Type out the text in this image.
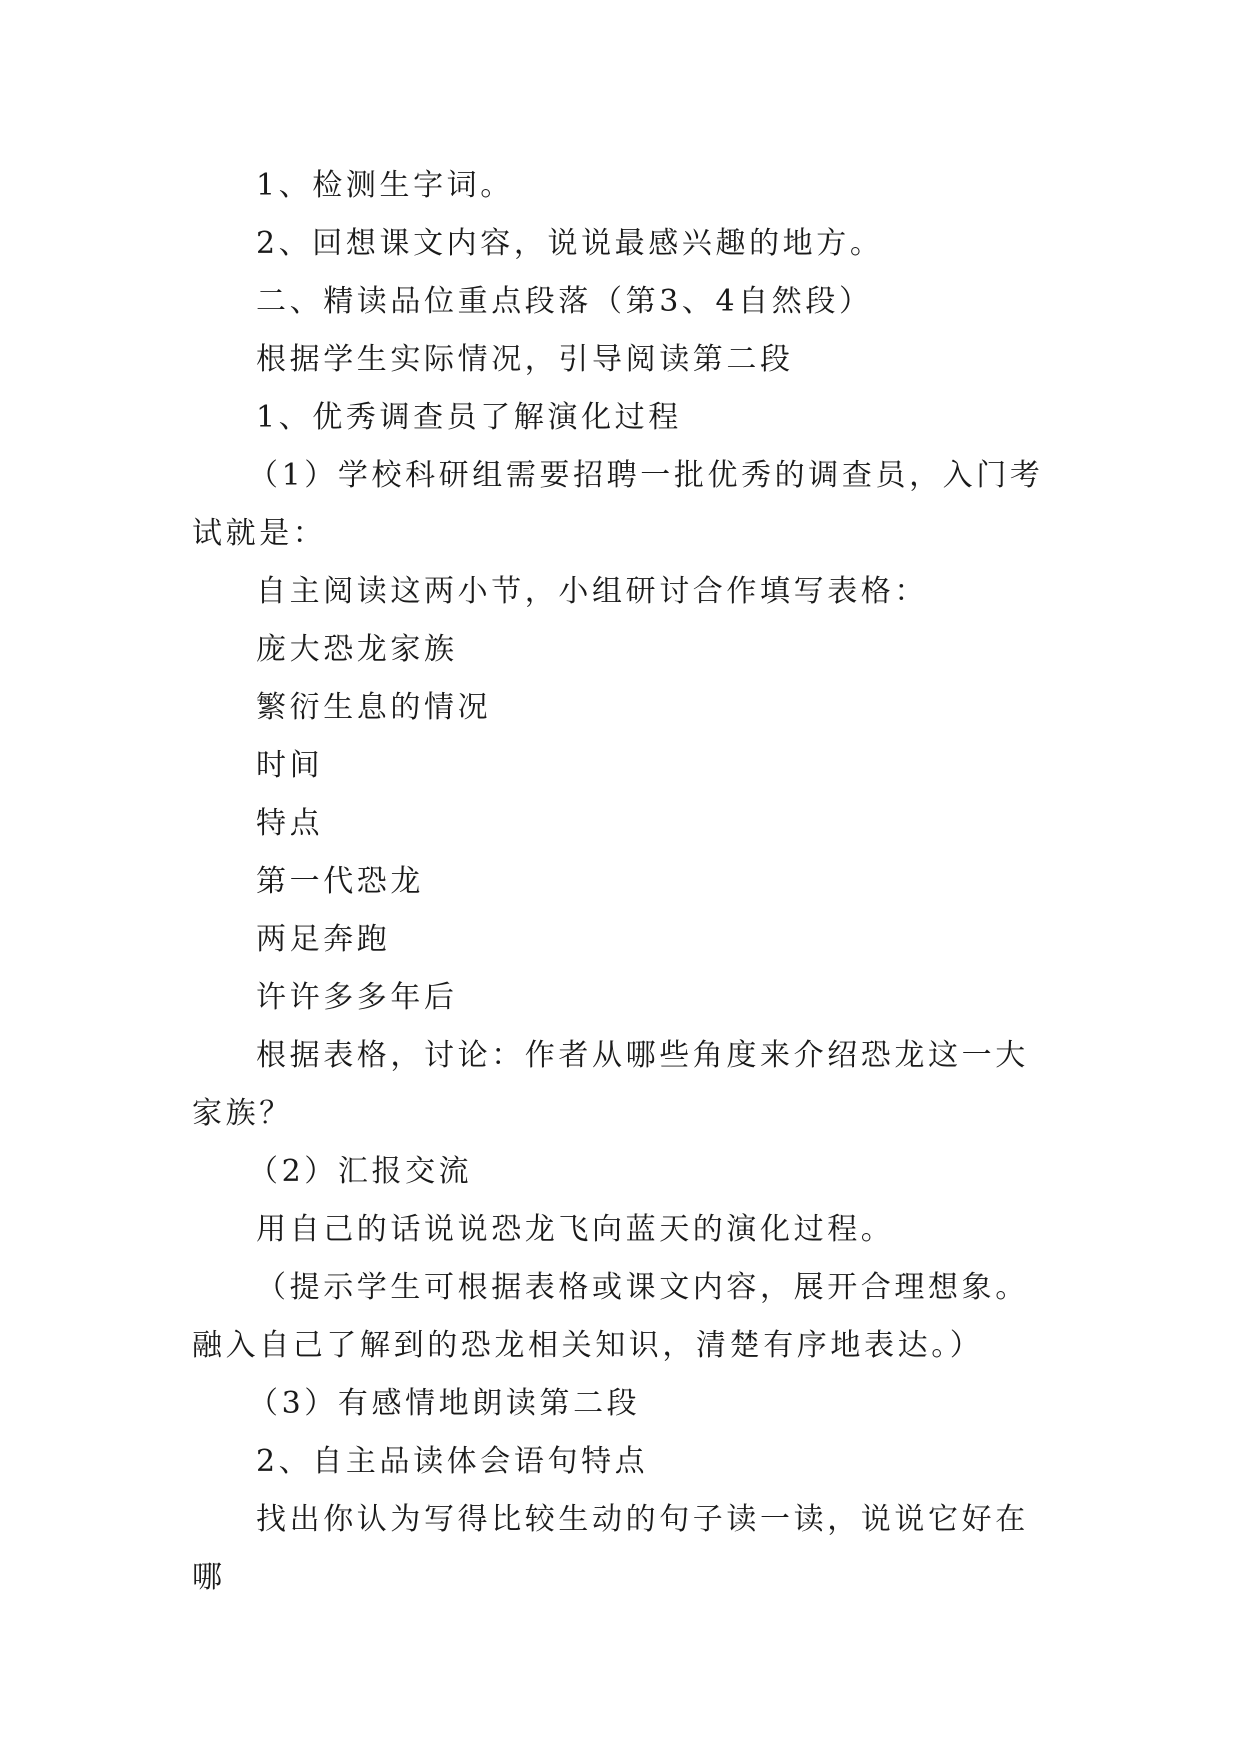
1、检测生字词。

2、回想课文内容，说说最感兴趣的地方。

二、精读品位重点段落（第3、4自然段）

根据学生实际情况，引导阅读第二段

1、优秀调查员了解演化过程

（1）学校科研组需要招聘一批优秀的调查员，入门考试就是：

自主阅读这两小节，小组研讨合作填写表格：

庞大恐龙家族

繁衍生息的情况

时间

特点

第一代恐龙

两足奔跑

许许多多年后

根据表格，讨论：作者从哪些角度来介绍恐龙这一大家族？

（2）汇报交流

用自己的话说说恐龙飞向蓝天的演化过程。

（提示学生可根据表格或课文内容，展开合理想象。融入自己了解到的恐龙相关知识，清楚有序地表达。）

（3）有感情地朗读第二段

2、自主品读体会语句特点

找出你认为写得比较生动的句子读一读，说说它好在哪
